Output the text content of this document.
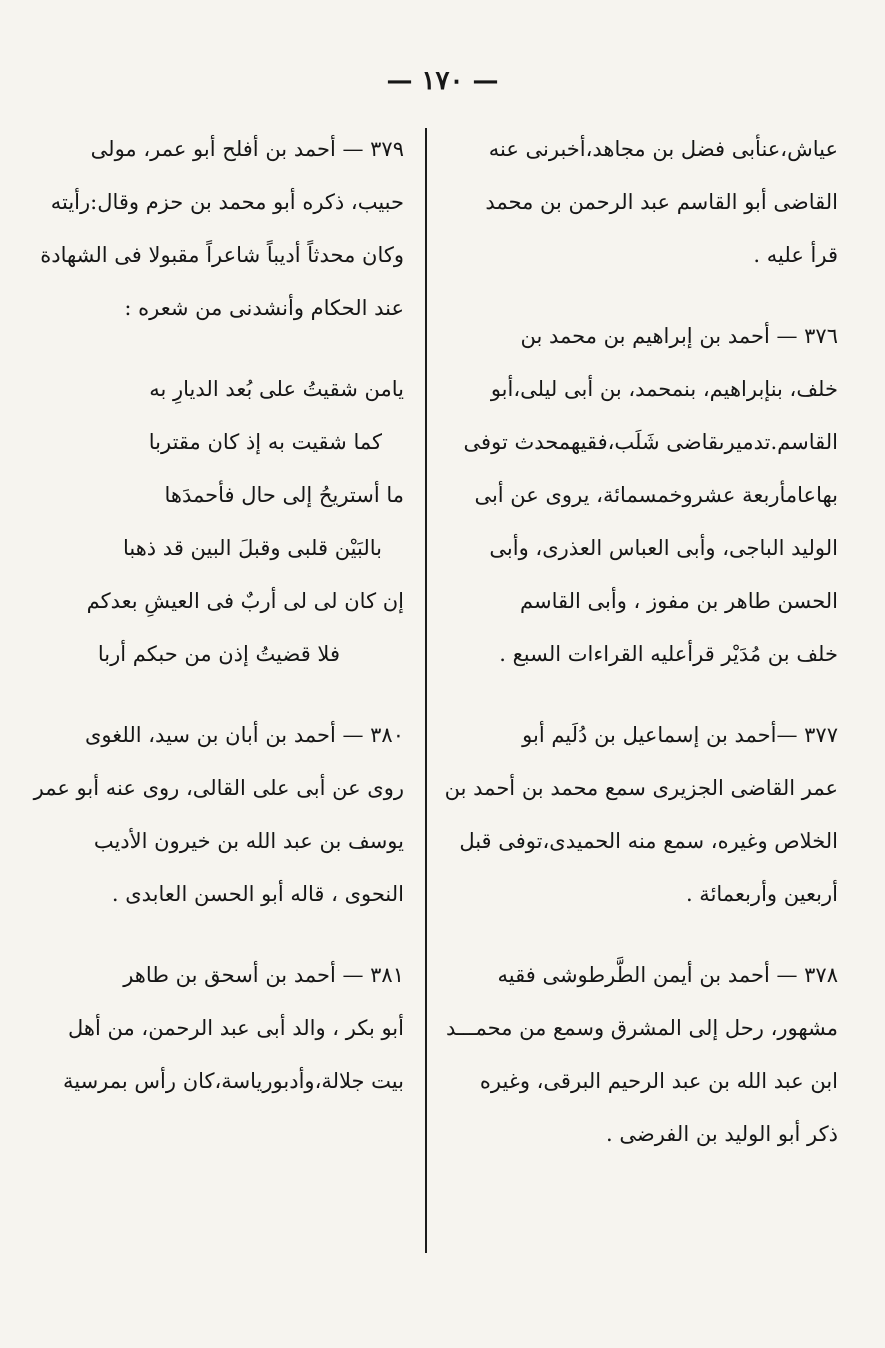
— ١٧٠ —
عياش،عنأبى فضل بن مجاهد،أخبرنى عنه
القاضى أبو القاسم عبد الرحمن بن محمد
قرأ عليه .
٣٧٦ — أحمد بن إبراهيم بن محمد بن
خلف، بنإبراهيم، بنمحمد، بن أبى ليلى،أبو
القاسم.تدميرىقاضى شَلَب،فقيهمحدث توفى
بهاعامأربعة عشروخمسمائة، يروى عن أبى
الوليد الباجى، وأبى العباس العذرى، وأبى
الحسن طاهر بن مفوز ، وأبى القاسم
خلف بن مُدَيْر قرأعليه القراءات السبع .
٣٧٧ —أحمد بن إسماعيل بن دُلَيم أبو
عمر القاضى الجزيرى سمع محمد بن أحمد بن
الخلاص وغيره، سمع منه الحميدى،توفى قبل
أربعين وأربعمائة .
٣٧٨ — أحمد بن أيمن الطَّرطوشى فقيه
مشهور، رحل إلى المشرق وسمع من محمـــد
ابن عبد الله بن عبد الرحيم البرقى، وغيره
ذكر أبو الوليد بن الفرضى .
٣٧٩ — أحمد بن أفلح أبو عمر، مولى
حبيب، ذكره أبو محمد بن حزم وقال:رأيته
وكان محدثاً أديباً شاعراً مقبولا فى الشهادة
عند الحكام وأنشدنى من شعره :
يامن شقيتُ على بُعد الديارِ به
كما شقيت به إذ كان مقتربا
ما أستريحُ إلى حال فأحمدَها
بالبَيْن قلبى وقبلَ البين قد ذهبا
إن كان لى لى أربٌ فى العيشِ بعدكم
فلا قضيتُ إذن من حبكم أربا
٣٨٠ — أحمد بن أبان بن سيد، اللغوى
روى عن أبى على القالى، روى عنه أبو عمر
يوسف بن عبد الله بن خيرون الأديب
النحوى ، قاله أبو الحسن العابدى .
٣٨١ — أحمد بن أسحق بن طاهر
أبو بكر ، والد أبى عبد الرحمن، من أهل
بيت جلالة،وأدبورياسة،كان رأس بمرسية
